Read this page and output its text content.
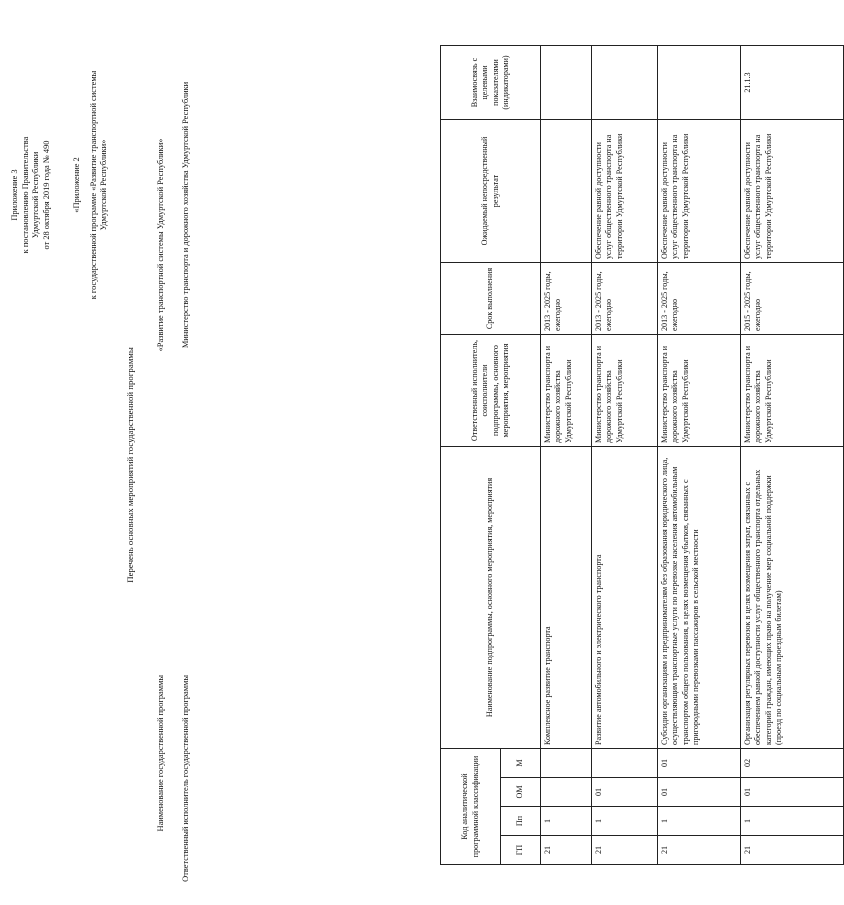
Приложение 3 к постановлению Правительства Удмуртской Республики от 28 октября 2019 года № 490	«Приложение 2 к государственной программе «Развитие транспортной системы Удмуртской Республики»
Перечень основных мероприятий государственной программы
Наименование государственной программы
«Развитие транспортной системы Удмуртской Республики»
Ответственный исполнитель государственной программы
Министерство транспорта и дорожного хозяйства Удмуртской Республики
Код аналитической программной классификации				Наименование подпрограммы, основного мероприятия, мероприятия	Ответственный исполнитель, соисполнители подпрограммы, основного мероприятия, мероприятия	Срок выполнения	Ожидаемый непосредственный результат	Взаимосвязь с целевыми показателями (индикаторами)
ГП	Пп	ОМ	М					
21	1			Комплексное развитие транспорта	Министерство транспорта и дорожного хозяйства Удмуртской Республики	2013 - 2025 годы, ежегодно		
21	1	01		Развитие автомобильного и электрического транспорта	Министерство транспорта и дорожного хозяйства Удмуртской Республики	2013 - 2025 годы, ежегодно	Обеспечение равной доступности услуг общественного транспорта на территории Удмуртской Республики	
21	1	01	01	Субсидии организациям и предпринимателям без образования юридического лица, осуществляющим транспортные услуги по перевозке населения автомобильным транспортом общего пользования, в целях возмещения убытков, связанных с пригородными перевозками пассажиров в сельской местности	Министерство транспорта и дорожного хозяйства Удмуртской Республики	2013 - 2025 годы, ежегодно	Обеспечение равной доступности услуг общественного транспорта на территории Удмуртской Республики	
21	1	01	02	Организация регулярных перевозок в целях возмещения затрат, связанных с обеспечением равной доступности услуг общественного транспорта отдельных категорий граждан, имеющих право на получение мер социальной поддержки (проезд по социальным проездным билетам)	Министерство транспорта и дорожного хозяйства Удмуртской Республики	2015 - 2025 годы, ежегодно	Обеспечение равной доступности услуг общественного транспорта на территории Удмуртской Республики	21.1.3
